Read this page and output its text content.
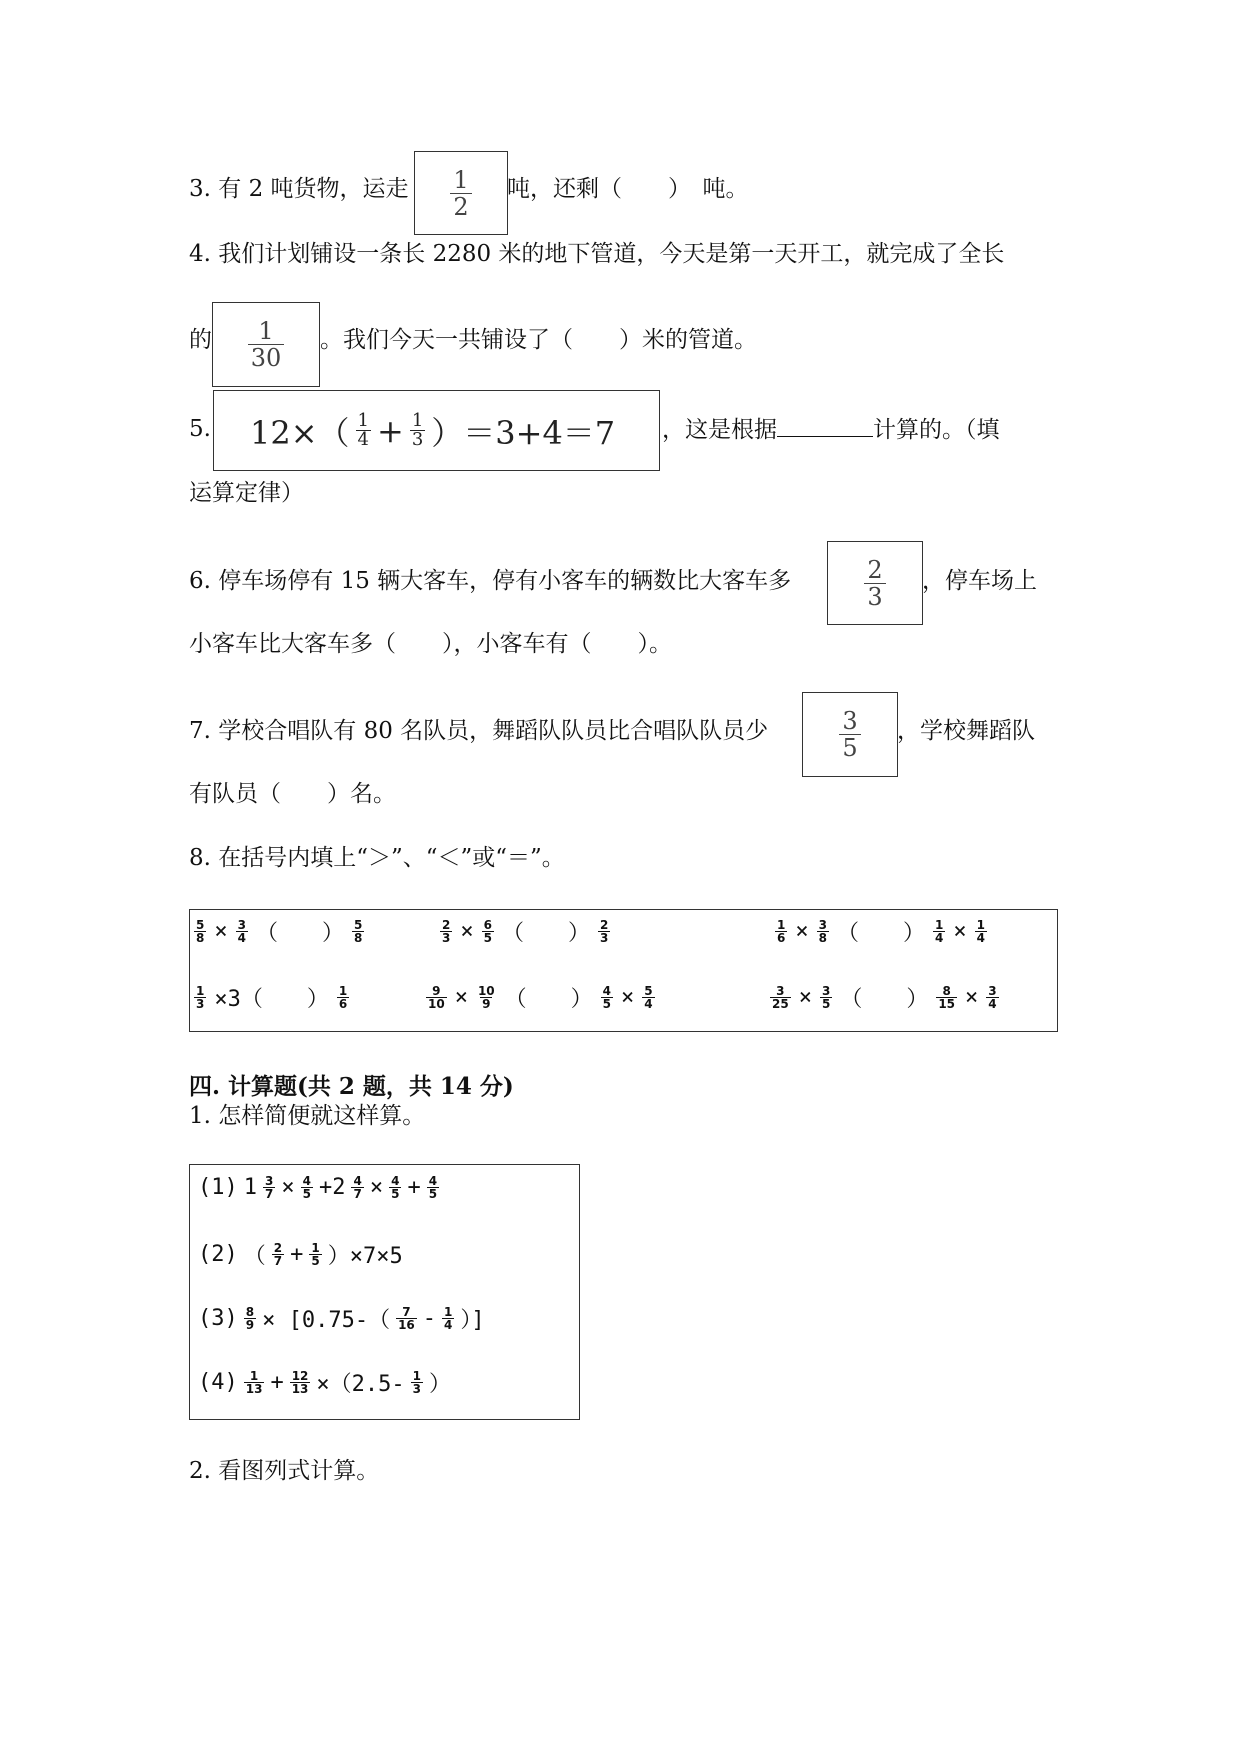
3. 有 2 吨货物，运走 $\frac{1}{2}$ 吨，还剩（　　）　吨。
4. 我们计划铺设一条长 2280 米的地下管道，今天是第一天开工，就完成了全长
的 $\frac{1}{30}$ 。我们今天一共铺设了（　　）米的管道。
5. $12\times( \frac{1}{4} + \frac{1}{3} )=3+4=7$ ，这是根据	计算的。（填
运算定律）
6. 停车场停有 15 辆大客车，停有小客车的辆数比大客车多	$\frac{2}{3}$ ，停车场上
小客车比大客车多（　　），小客车有（　　）。
7. 学校合唱队有 80 名队员，舞蹈队队员比合唱队队员少	$\frac{3}{5}$ ，学校舞蹈队
有队员（　　）名。
8. 在括号内填上“＞”、“＜”或“＝”。
$\frac{5}{8} \times \frac{3}{4}$ （　　） $\frac{5}{8}$	$\frac{2}{3} \times \frac{6}{5}$ （　　） $\frac{2}{3}$	$\frac{1}{6} \times \frac{3}{8}$ （　　） $\frac{1}{4} \times \frac{1}{4}$
$\frac{1}{3} \times 3$（　　） $\frac{1}{6}$	$\frac{9}{10} \times \frac{10}{9}$ （　　） $\frac{4}{5} \times \frac{5}{4}$	$\frac{3}{25} \times \frac{3}{5}$ （　　） $\frac{8}{15} \times \frac{3}{4}$
四. 计算题(共 2 题，共 14 分)
1. 怎样简便就这样算。
(1) $1 \frac{3}{7} \times \frac{4}{5} +2 \frac{4}{7} \times \frac{4}{5} + \frac{4}{5}$
(2) （ $\frac{2}{7} + \frac{1}{5} )\times 7\times 5$
$(3) \frac{8}{9} \times [0.75-( \frac{7}{16} - \frac{1}{4}$ ）]
$(4) \frac{1}{13} + \frac{12}{13} \times(2.5- \frac{1}{3}$ ）
2. 看图列式计算。
